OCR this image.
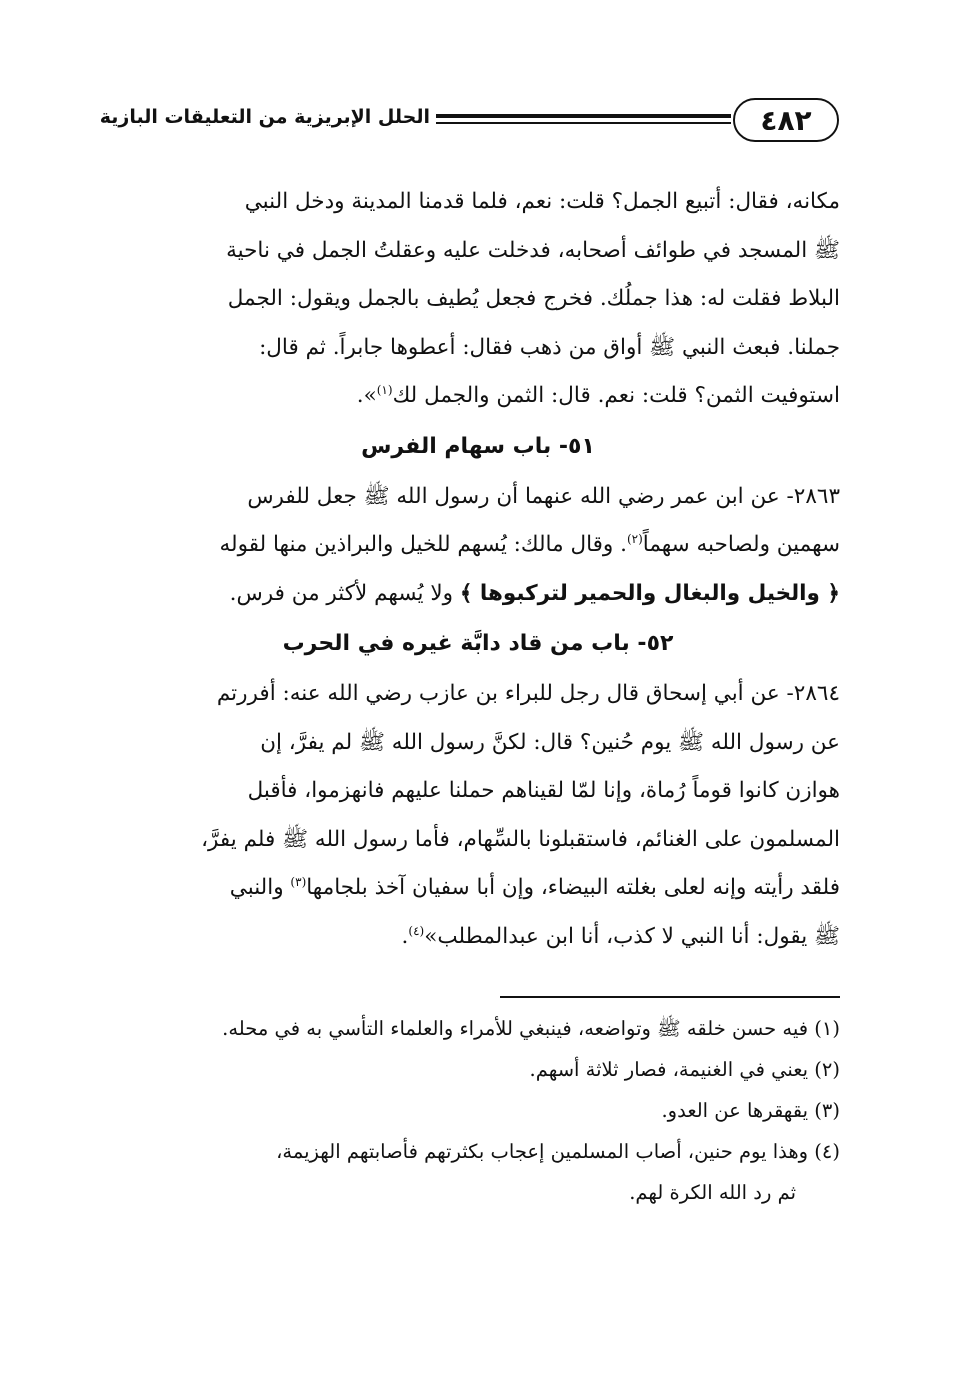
٤٨٢
الحلل الإبريزية من التعليقات البازية
مكانه، فقال: أتبيع الجمل؟ قلت: نعم، فلما قدمنا المدينة ودخل النبي
ﷺ المسجد في طوائف أصحابه، فدخلت عليه وعقلتُ الجمل في ناحية
البلاط فقلت له: هذا جملُك. فخرج فجعل يُطيف بالجمل ويقول: الجمل
جملنا. فبعث النبي ﷺ أواق من ذهب فقال: أعطوها جابراً. ثم قال:
استوفيت الثمن؟ قلت: نعم. قال: الثمن والجمل لك$^{(١)}$».
٥١- باب سهام الفرس
٢٨٦٣- عن ابن عمر رضي الله عنهما أن رسول الله ﷺ جعل للفرس
سهمين ولصاحبه سهماً$^{(٢)}$. وقال مالك: يُسهم للخيل والبراذين منها لقوله
﴿ والخيل والبغال والحمير لتركبوها ﴾ ولا يُسهم لأكثر من فرس.
٥٢- باب من قاد دابَّة غيره في الحرب
٢٨٦٤- عن أبي إسحاق قال رجل للبراء بن عازب رضي الله عنه: أفررتم
عن رسول الله ﷺ يوم حُنين؟ قال: لكنَّ رسول الله ﷺ لم يفرَّ، إن
هوازن كانوا قوماً رُماة، وإنا لمّا لقيناهم حملنا عليهم فانهزموا، فأقبل
المسلمون على الغنائم، فاستقبلونا بالسِّهام، فأما رسول الله ﷺ فلم يفرَّ،
فلقد رأيته وإنه لعلى بغلته البيضاء، وإن أبا سفيان آخذ بلجامها$^{(٣)}$ والنبي
ﷺ يقول: أنا النبي لا كذب، أنا ابن عبدالمطلب»$^{(٤)}$.
(١) فيه حسن خلقه ﷺ وتواضعه، فينبغي للأمراء والعلماء التأسي به في محله.
(٢) يعني في الغنيمة، فصار ثلاثة أسهم.
(٣) يقهقرها عن العدو.
(٤) وهذا يوم حنين، أصاب المسلمين إعجاب بكثرتهم فأصابتهم الهزيمة،
ثم رد الله الكرة لهم.
